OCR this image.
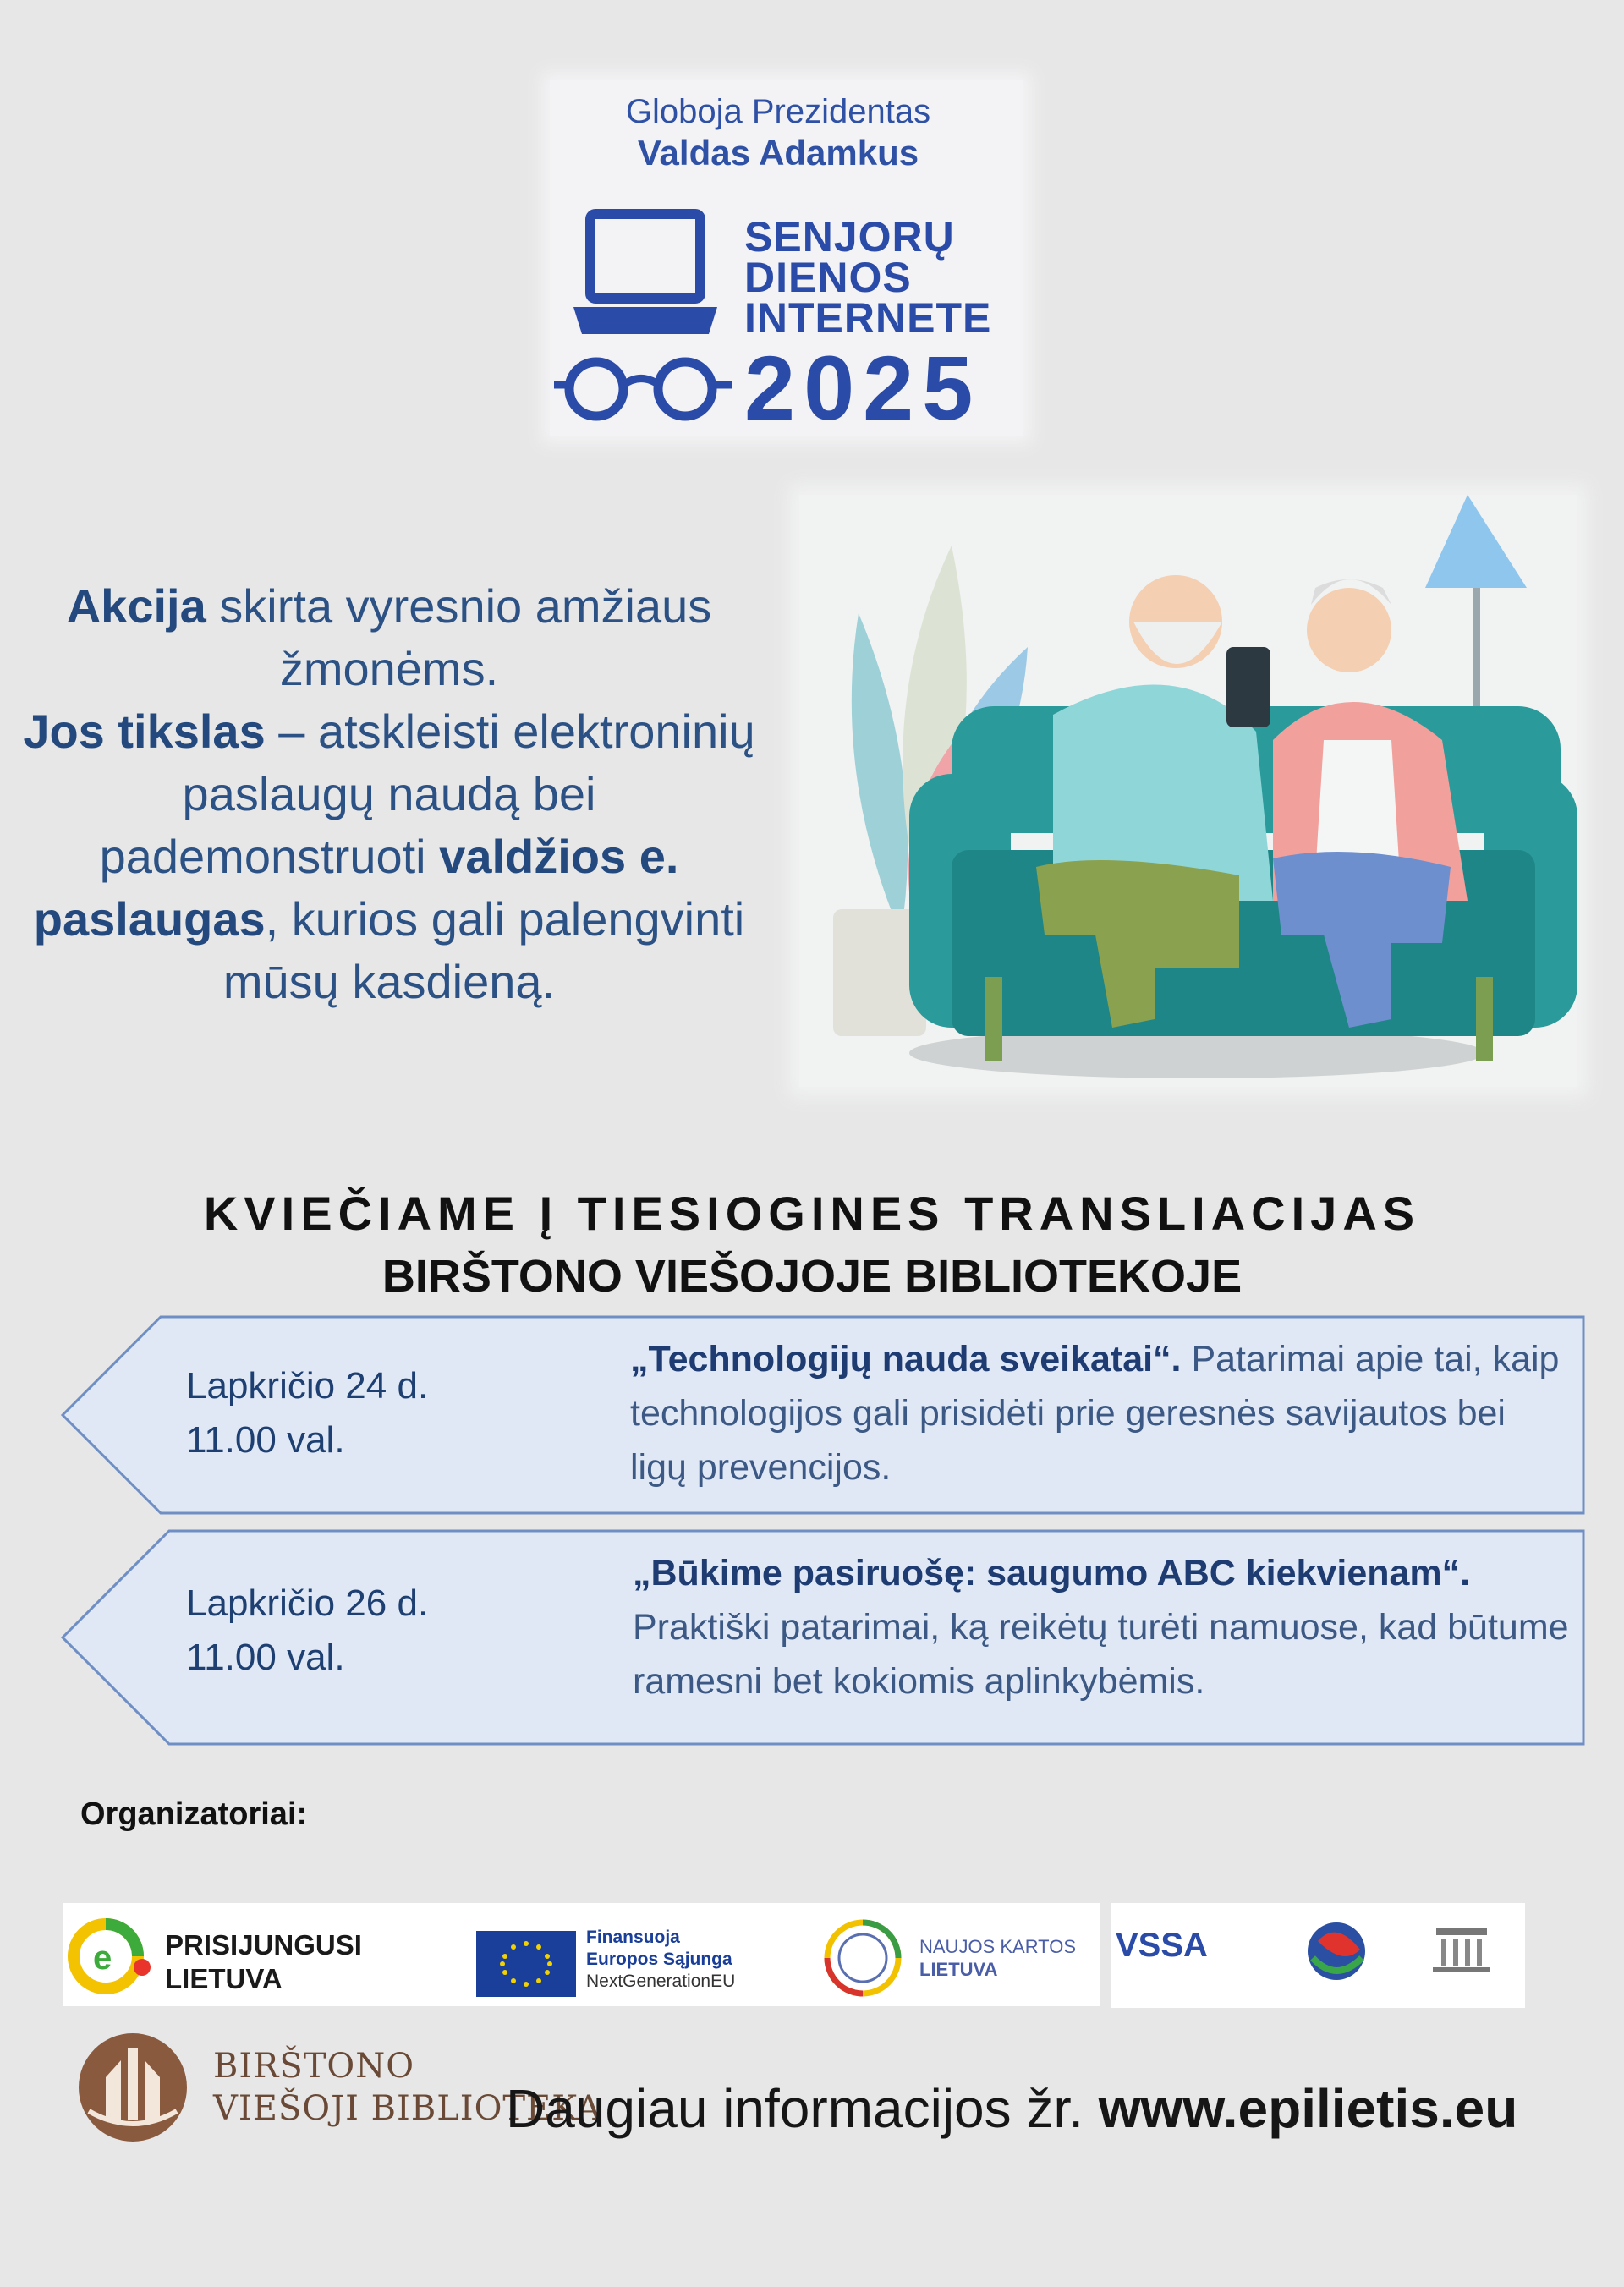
Globoja Prezidentas
Valdas Adamkus
SENJORŲ
DIENOS
INTERNETE
2025
Akcija skirta vyresnio amžiaus žmonėms.
Jos tikslas – atskleisti elektroninių paslaugų naudą bei pademonstruoti valdžios e. paslaugas, kurios gali palengvinti mūsų kasdieną.
KVIEČIAME Į TIESIOGINES TRANSLIACIJAS
BIRŠTONO VIEŠOJOJE BIBLIOTEKOJE
Lapkričio 24 d.
11.00 val.
„Technologijų nauda sveikatai“. Patarimai apie tai, kaip technologijos gali prisidėti prie geresnės savijautos bei ligų prevencijos.
Lapkričio 26 d.
11.00 val.
„Būkime pasiruošę: saugumo ABC kiekvienam“. Praktiški patarimai, ką reikėtų turėti namuose, kad būtume ramesni bet kokiomis aplinkybėmis.
Organizatoriai:
e PRISIJUNGUSI
LIETUVA
Finansuoja
Europos Sąjunga
NextGenerationEU
NAUJOS KARTOS
LIETUVA
VSSA
BIRŠTONO
VIEŠOJI BIBLIOTEKA
Daugiau informacijos žr. www.epilietis.eu
